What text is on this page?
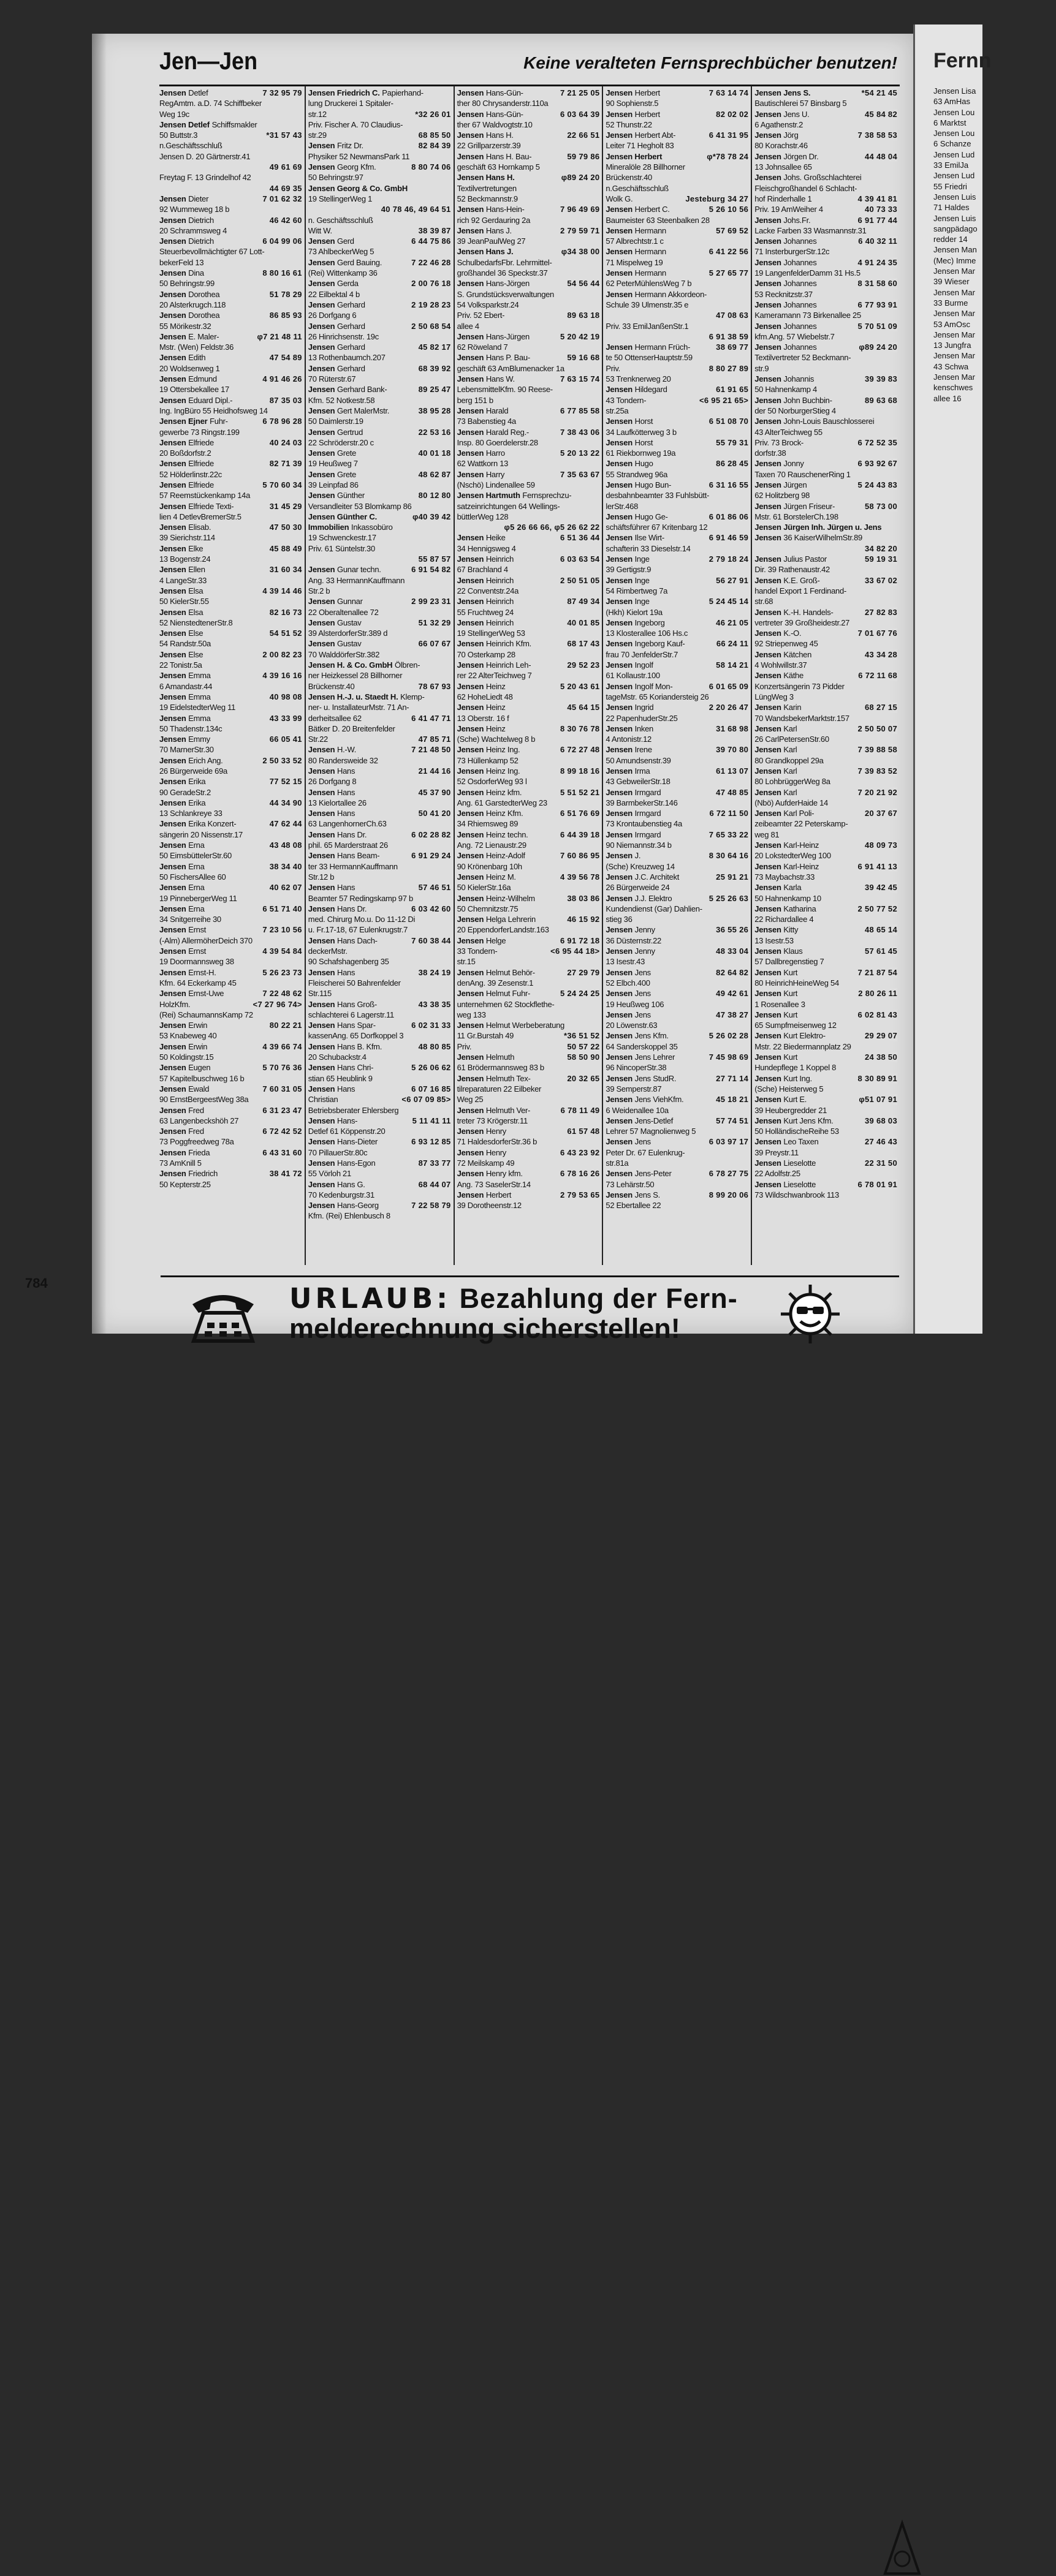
Jen—Jen	Keine veralteten Fernsprechbücher benutzen!
Jensen Detlef	7 32 95 79
RegAmtm. a.D. 74 Schiffbeker
Weg 19c
Jensen Detlef Schiffsmakler
50 Buttstr.3	*31 57 43
n.Geschäftsschluß
Jensen D. 20 Gärtnerstr.41
49 61 69

Freytag F. 13 Grindelhof 42
44 69 35

Jensen Dieter	7 01 62 32
92 Wummeweg 18 b
Jensen Dietrich	46 42 60
20 Schrammsweg 4
Jensen Dietrich	6 04 99 06
Steuerbevollmächtigter 67 Lott-
bekerFeld 13
Jensen Dina	8 80 16 61
50 Behringstr.99
Jensen Dorothea	51 78 29
20 Alsterkrugch.118
Jensen Dorothea	86 85 93
55 Mörikestr.32
Jensen E. Maler-	φ7 21 48 11
Mstr. (Wen) Feldstr.36
Jensen Edith	47 54 89
20 Woldsenweg 1
Jensen Edmund	4 91 46 26
19 Ottersbekallee 17
Jensen Eduard Dipl.-	87 35 03
Ing. IngBüro 55 Heidhofsweg 14
Jensen Ejner Fuhr-	6 78 96 28
gewerbe 73 Ringstr.199
Jensen Elfriede	40 24 03
20 Boßdorfstr.2
Jensen Elfriede	82 71 39
52 Hölderlinstr.22c
Jensen Elfriede	5 70 60 34
57 Reemstückenkamp 14a
Jensen Elfriede Texti-	31 45 29
lien 4 DetlevBremerStr.5
Jensen Elisab.	47 50 30
39 Sierichstr.114
Jensen Elke	45 88 49
13 Bogenstr.24
Jensen Ellen	31 60 34
4 LangeStr.33
Jensen Elsa	4 39 14 46
50 KielerStr.55
Jensen Elsa	82 16 73
52 NienstedtenerStr.8
Jensen Else	54 51 52
54 Randstr.50a
Jensen Else	2 00 82 23
22 Tonistr.5a
Jensen Emma	4 39 16 16
6 Amandastr.44
Jensen Emma	40 98 08
19 EidelstedterWeg 11
Jensen Emma	43 33 99
50 Thadenstr.134c
Jensen Emmy	66 05 41
70 MarnerStr.30
Jensen Erich Ang.	2 50 33 52
26 Bürgerweide 69a
Jensen Erika	77 52 15
90 GeradeStr.2
Jensen Erika	44 34 90
13 Schlankreye 33
Jensen Erika Konzert-	47 62 44
sängerin 20 Nissenstr.17
Jensen Erna	43 48 08
50 EimsbüttelerStr.60
Jensen Erna	38 34 40
50 FischersAllee 60
Jensen Erna	40 62 07
19 PinnebergerWeg 11
Jensen Erna	6 51 71 40
34 Snitgerreihe 30
Jensen Ernst	7 23 10 56
(-Alm) AllermöherDeich 370
Jensen Ernst	4 39 54 84
19 Doormannsweg 38
Jensen Ernst-H.	5 26 23 73
Kfm. 64 Eckerkamp 45
Jensen Ernst-Uwe	7 22 48 62
HolzKfm.	<7 27 96 74>
(Rei) SchaumannsKamp 72
Jensen Erwin	80 22 21
53 Knabeweg 40
Jensen Erwin	4 39 66 74
50 Koldingstr.15
Jensen Eugen	5 70 76 36
57 Kapitelbuschweg 16 b
Jensen Ewald	7 60 31 05
90 ErnstBergeestWeg 38a
Jensen Fred	6 31 23 47
63 Langenbeckshöh 27
Jensen Fred	6 72 42 52
73 Poggfreedweg 78a
Jensen Frieda	6 43 31 60
73 AmKnill 5
Jensen Friedrich	38 41 72
50 Kepterstr.25
Jensen Friedrich C. Papierhand-
lung Druckerei 1 Spitaler-
str.12	*32 26 01
Priv. Fischer A. 70 Claudius-
str.29	68 85 50
Jensen Fritz Dr.	82 84 39
Physiker 52 NewmansPark 11
Jensen Georg Kfm.	8 80 74 06
50 Behringstr.97
Jensen Georg & Co. GmbH
19 StellingerWeg 1
40 78 46, 49 64 51

n. Geschäftsschluß
Witt W.	38 39 87
Jensen Gerd	6 44 75 86
73 AhlbeckerWeg 5
Jensen Gerd Bauing.	7 22 46 28
(Rei) Wittenkamp 36
Jensen Gerda	2 00 76 18
22 Eilbektal 4 b
Jensen Gerhard	2 19 28 23
26 Dorfgang 6
Jensen Gerhard	2 50 68 54
26 Hinrichsenstr. 19c
Jensen Gerhard	45 82 17
13 Rothenbaumch.207
Jensen Gerhard	68 39 92
70 Rüterstr.67
Jensen Gerhard Bank-	89 25 47
Kfm. 52 Notkestr.58
Jensen Gert MalerMstr.	38 95 28
50 Daimlerstr.19
Jensen Gertrud	22 53 16
22 Schröderstr.20 c
Jensen Grete	40 01 18
19 Heußweg 7
Jensen Grete	48 62 87
39 Leinpfad 86
Jensen Günther	80 12 80
Versandleiter 53 Blomkamp 86
Jensen Günther C.	φ40 39 42
Immobilien Inkassobüro
19 Schwenckestr.17
Priv. 61 Süntelstr.30
55 87 57

Jensen Gunar techn.	6 91 54 82
Ang. 33 HermannKauffmann
Str.2 b
Jensen Gunnar	2 99 23 31
22 Oberaltenallee 72
Jensen Gustav	51 32 29
39 AlsterdorferStr.389 d
Jensen Gustav	66 07 67
70 WalddörferStr.382
Jensen H. & Co. GmbH Ölbren-
ner Heizkessel 28 Billhorner
Brückenstr.40	78 67 93
Jensen H.-J. u. Staedt H. Klemp-
ner- u. InstallateurMstr. 71 An-
derheitsallee 62	6 41 47 71
Bätker D. 20 Breitenfelder
Str.22	47 85 71
Jensen H.-W.	7 21 48 50
80 Randersweide 32
Jensen Hans	21 44 16
26 Dorfgang 8
Jensen Hans	45 37 90
13 Kielortallee 26
Jensen Hans	50 41 20
63 LangenhornerCh.63
Jensen Hans Dr.	6 02 28 82
phil. 65 Marderstraat 26
Jensen Hans Beam-	6 91 29 24
ter 33 HermannKauffmann
Str.12 b
Jensen Hans	57 46 51
Beamter 57 Redingskamp 97 b
Jensen Hans Dr.	6 03 42 60
med. Chirurg Mo.u. Do 11-12 Di
u. Fr.17-18, 67 Eulenkrugstr.7
Jensen Hans Dach-	7 60 38 44
deckerMstr.
90 Schafshagenberg 35
Jensen Hans	38 24 19
Fleischerei 50 Bahrenfelder
Str.115
Jensen Hans Groß-	43 38 35
schlachterei 6 Lagerstr.11
Jensen Hans Spar-	6 02 31 33
kassenAng. 65 Dorfkoppel 3
Jensen Hans B. Kfm.	48 80 85
20 Schubackstr.4
Jensen Hans Chri-	5 26 06 62
stian 65 Heublink 9
Jensen Hans	6 07 16 85
Christian	<6 07 09 85>
Betriebsberater Ehlersberg
Jensen Hans-	5 11 41 11
Detlef 61 Köppenstr.20
Jensen Hans-Dieter	6 93 12 85
70 PillauerStr.80c
Jensen Hans-Egon	87 33 77
55 Vörloh 21
Jensen Hans G.	68 44 07
70 Kedenburgstr.31
Jensen Hans-Georg	7 22 58 79
Kfm. (Rei) Ehlenbusch 8
Jensen Hans-Gün-	7 21 25 05
ther 80 Chrysanderstr.110a
Jensen Hans-Gün-	6 03 64 39
ther 67 Waldvogtstr.10
Jensen Hans H.	22 66 51
22 Grillparzerstr.39
Jensen Hans H. Bau-	59 79 86
geschäft 63 Hornkamp 5
Jensen Hans H.	φ89 24 20
Textilvertretungen
52 Beckmannstr.9
Jensen Hans-Hein-	7 96 49 69
rich 92 Gerdauring 2a
Jensen Hans J.	2 79 59 71
39 JeanPaulWeg 27
Jensen Hans J.	φ34 38 00
SchulbedarfsFbr. Lehrmittel-
großhandel 36 Speckstr.37
Jensen Hans-Jörgen	54 56 44
S. Grundstücksverwaltungen
54 Volksparkstr.24
Priv. 52 Ebert-	89 63 18
allee 4
Jensen Hans-Jürgen	5 20 42 19
62 Röweland 7
Jensen Hans P. Bau-	59 16 68
geschäft 63 AmBlumenacker 1a
Jensen Hans W.	7 63 15 74
LebensmittelKfm. 90 Reese-
berg 151 b
Jensen Harald	6 77 85 58
73 Babenstieg 4a
Jensen Harald Reg.-	7 38 43 06
Insp. 80 Goerdelerstr.28
Jensen Harro	5 20 13 22
62 Wattkorn 13
Jensen Harry	7 35 63 67
(Nschö) Lindenallee 59
Jensen Hartmuth Fernsprechzu-
satzeinrichtungen 64 Wellings-
büttlerWeg 128
φ5 26 66 66, φ5 26 62 22

Jensen Heike	6 51 36 44
34 Hennigsweg 4
Jensen Heinrich	6 03 63 54
67 Brachland 4
Jensen Heinrich	2 50 51 05
22 Conventstr.24a
Jensen Heinrich	87 49 34
55 Fruchtweg 24
Jensen Heinrich	40 01 85
19 StellingerWeg 53
Jensen Heinrich Kfm.	68 17 43
70 Osterkamp 28
Jensen Heinrich Leh-	29 52 23
rer 22 AlterTeichweg 7
Jensen Heinz	5 20 43 61
62 HoheLiedt 48
Jensen Heinz	45 64 15
13 Oberstr. 16 f
Jensen Heinz	8 30 76 78
(Sche) Wachtelweg 8 b
Jensen Heinz Ing.	6 72 27 48
73 Hüllenkamp 52
Jensen Heinz Ing.	8 99 18 16
52 OsdorferWeg 93 l
Jensen Heinz kfm.	5 51 52 21
Ang. 61 GarstedterWeg 23
Jensen Heinz Kfm.	6 51 76 69
34 Rhiemsweg 89
Jensen Heinz techn.	6 44 39 18
Ang. 72 Lienaustr.29
Jensen Heinz-Adolf	7 60 86 95
90 Krönenbarg 10h
Jensen Heinz M.	4 39 56 78
50 KielerStr.16a
Jensen Heinz-Wilhelm	38 03 86
50 Chemnitzstr.75
Jensen Helga Lehrerin	46 15 92
20 EppendorferLandstr.163
Jensen Helge	6 91 72 18
33 Tondern-	<6 95 44 18>
str.15
Jensen Helmut Behör-	27 29 79
denAng. 39 Zesenstr.1
Jensen Helmut Fuhr-	5 24 24 25
unternehmen 62 Stockflethe-
weg 133
Jensen Helmut Werbeberatung
11 Gr.Burstah 49	*36 51 52
Priv.	50 57 22
Jensen Helmuth	58 50 90
61 Brödermannsweg 83 b
Jensen Helmuth Tex-	20 32 65
tilreparaturen 22 Eilbeker
Weg 25
Jensen Helmuth Ver-	6 78 11 49
treter 73 Krögerstr.11
Jensen Henry	61 57 48
71 HaldesdorferStr.36 b
Jensen Henry	6 43 23 92
72 Meilskamp 49
Jensen Henry kfm.	6 78 16 26
Ang. 73 SaselerStr.14
Jensen Herbert	2 79 53 65
39 Dorotheenstr.12
Jensen Herbert	7 63 14 74
90 Sophienstr.5
Jensen Herbert	82 02 02
52 Thunstr.22
Jensen Herbert Abt-	6 41 31 95
Leiter 71 Hegholt 83
Jensen Herbert	φ*78 78 24
Mineralöle 28 Billhorner
Brückenstr.40
n.Geschäftsschluß
Wolk G.	Jesteburg 34 27
Jensen Herbert C.	5 26 10 56
Baumeister 63 Steenbalken 28
Jensen Hermann	57 69 52
57 Albrechtstr.1 c
Jensen Hermann	6 41 22 56
71 Mispelweg 19
Jensen Hermann	5 27 65 77
62 PeterMühlensWeg 7 b
Jensen Hermann Akkordeon-
Schule 39 Ulmenstr.35 e
47 08 63

Priv. 33 EmilJanßenStr.1
6 91 38 59

Jensen Hermann Früch-	38 69 77
te 50 OttenserHauptstr.59
Priv.	8 80 27 89
53 Trenknerweg 20
Jensen Hildegard	61 91 65
43 Tondern-	<6 95 21 65>
str.25a
Jensen Horst	6 51 08 70
34 Laufkötterweg 3 b
Jensen Horst	55 79 31
61 Riekbornweg 19a
Jensen Hugo	86 28 45
55 Strandweg 96a
Jensen Hugo Bun-	6 31 16 55
desbahnbeamter 33 Fuhlsbütt-
lerStr.468
Jensen Hugo Ge-	6 01 86 06
schäftsführer 67 Kritenbarg 12
Jensen Ilse Wirt-	6 91 46 59
schafterin 33 Dieselstr.14
Jensen Inge	2 79 18 24
39 Gertigstr.9
Jensen Inge	56 27 91
54 Rimbertweg 7a
Jensen Inge	5 24 45 14
(Hkh) Kielort 19a
Jensen Ingeborg	46 21 05
13 Klosterallee 106 Hs.c
Jensen Ingeborg Kauf-	66 24 11
frau 70 JenfelderStr.7
Jensen Ingolf	58 14 21
61 Kollaustr.100
Jensen Ingolf Mon-	6 01 65 09
tageMstr. 65 Koriandersteig 26
Jensen Ingrid	2 20 26 47
22 PapenhuderStr.25
Jensen Inken	31 68 98
4 Antonistr.12
Jensen Irene	39 70 80
50 Amundsenstr.39
Jensen Irma	61 13 07
43 GebweilerStr.18
Jensen Irmgard	47 48 85
39 BarmbekerStr.146
Jensen Irmgard	6 72 11 50
73 Krontaubenstieg 4a
Jensen Irmgard	7 65 33 22
90 Niemannstr.34 b
Jensen J.	8 30 64 16
(Sche) Kreuzweg 14
Jensen J.C. Architekt	25 91 21
26 Bürgerweide 24
Jensen J.J. Elektro	5 25 26 63
Kundendienst (Gar) Dahlien-
stieg 36
Jensen Jenny	36 55 26
36 Düsternstr.22
Jensen Jenny	48 33 04
13 Isestr.43
Jensen Jens	82 64 82
52 Elbch.400
Jensen Jens	49 42 61
19 Heußweg 106
Jensen Jens	47 38 27
20 Löwenstr.63
Jensen Jens Kfm.	5 26 02 28
64 Sanderskoppel 35
Jensen Jens Lehrer	7 45 98 69
96 NincoperStr.38
Jensen Jens StudR.	27 71 14
39 Semperstr.87
Jensen Jens ViehKfm.	45 18 21
6 Weidenallee 10a
Jensen Jens-Detlef	57 74 51
Lehrer 57 Magnolienweg 5
Jensen Jens	6 03 97 17
Peter Dr. 67 Eulenkrug-
str.81a
Jensen Jens-Peter	6 78 27 75
73 Lehärstr.50
Jensen Jens S.	8 99 20 06
52 Ebertallee 22
Jensen Jens S.	*54 21 45
Bautischlerei 57 Binsbarg 5
Jensen Jens U.	45 84 82
6 Agathenstr.2
Jensen Jörg	7 38 58 53
80 Korachstr.46
Jensen Jörgen Dr.	44 48 04
13 Johnsallee 65
Jensen Johs. Großschlachterei
Fleischgroßhandel 6 Schlacht-
hof Rinderhalle 1	4 39 41 81
Priv. 19 AmWeiher 4	40 73 33
Jensen Johs.Fr.	6 91 77 44
Lacke Farben 33 Wasmannstr.31
Jensen Johannes	6 40 32 11
71 InsterburgerStr.12c
Jensen Johannes	4 91 24 35
19 LangenfelderDamm 31 Hs.5
Jensen Johannes	8 31 58 60
53 Recknitzstr.37
Jensen Johannes	6 77 93 91
Kameramann 73 Birkenallee 25
Jensen Johannes	5 70 51 09
kfm.Ang. 57 Wiebelstr.7
Jensen Johannes	φ89 24 20
Textilvertreter 52 Beckmann-
str.9
Jensen Johannis	39 39 83
50 Hahnenkamp 4
Jensen John Buchbin-	89 63 68
der 50 NorburgerStieg 4
Jensen John-Louis Bauschlosserei
43 AlterTeichweg 55
Priv. 73 Brock-	6 72 52 35
dorfstr.38
Jensen Jonny	6 93 92 67
Taxen 70 RauschenerRing 1
Jensen Jürgen	5 24 43 83
62 Holitzberg 98
Jensen Jürgen Friseur-	58 73 00
Mstr. 61 BorstelerCh.198
Jensen Jürgen Inh. Jürgen u. Jens
Jensen 36 KaiserWilhelmStr.89
34 82 20

Jensen Julius Pastor	59 19 31
Dir. 39 Rathenaustr.42
Jensen K.E. Groß-	33 67 02
handel Export 1 Ferdinand-
str.68
Jensen K.-H. Handels-	27 82 83
vertreter 39 Großheidestr.27
Jensen K.-O.	7 01 67 76
92 Striepenweg 45
Jensen Kätchen	43 34 28
4 Wohlwillstr.37
Jensen Käthe	6 72 11 68
Konzertsängerin 73 Pidder
LüngWeg 3
Jensen Karin	68 27 15
70 WandsbekerMarktstr.157
Jensen Karl	2 50 50 07
26 CarlPetersenStr.60
Jensen Karl	7 39 88 58
80 Grandkoppel 29a
Jensen Karl	7 39 83 52
80 LohbrüggerWeg 8a
Jensen Karl	7 20 21 92
(Nbö) AufderHaide 14
Jensen Karl Poli-	20 37 67
zeibeamter 22 Peterskamp-
weg 81
Jensen Karl-Heinz	48 09 73
20 LokstedterWeg 100
Jensen Karl-Heinz	6 91 41 13
73 Maybachstr.33
Jensen Karla	39 42 45
50 Hahnenkamp 10
Jensen Katharina	2 50 77 52
22 Richardallee 4
Jensen Kitty	48 65 14
13 Isestr.53
Jensen Klaus	57 61 45
57 Dallbregenstieg 7
Jensen Kurt	7 21 87 54
80 HeinrichHeineWeg 54
Jensen Kurt	2 80 26 11
1 Rosenallee 3
Jensen Kurt	6 02 81 43
65 Sumpfmeisenweg 12
Jensen Kurt Elektro-	29 29 07
Mstr. 22 Biedermannplatz 29
Jensen Kurt	24 38 50
Hundepflege 1 Koppel 8
Jensen Kurt Ing.	8 30 89 91
(Sche) Heisterweg 5
Jensen Kurt E.	φ51 07 91
39 Heubergredder 21
Jensen Kurt Jens Kfm.	39 68 03
50 HolländischeReihe 53
Jensen Leo Taxen	27 46 43
39 Preystr.11
Jensen Lieselotte	22 31 50
22 Adolfstr.25
Jensen Lieselotte	6 78 01 91
73 Wildschwanbrook 113
URLAUB: Bezahlung der Fern-
melderechnung sicherstellen!
784
Fernn
Jensen Lisa
63 AmHas
Jensen Lou
6 Marktst
Jensen Lou
6 Schanze
Jensen Lud
33 EmilJa
Jensen Lud
55 Friedri
Jensen Luis
71 Haldes
Jensen Luis
sangpädago
redder 14
Jensen Man
(Mec) Imme
Jensen Mar
39 Wieser
Jensen Mar
33 Burme
Jensen Mar
53 AmOsc
Jensen Mar
13 Jungfra
Jensen Mar
43 Schwa
Jensen Mar
kenschwes
allee 16
